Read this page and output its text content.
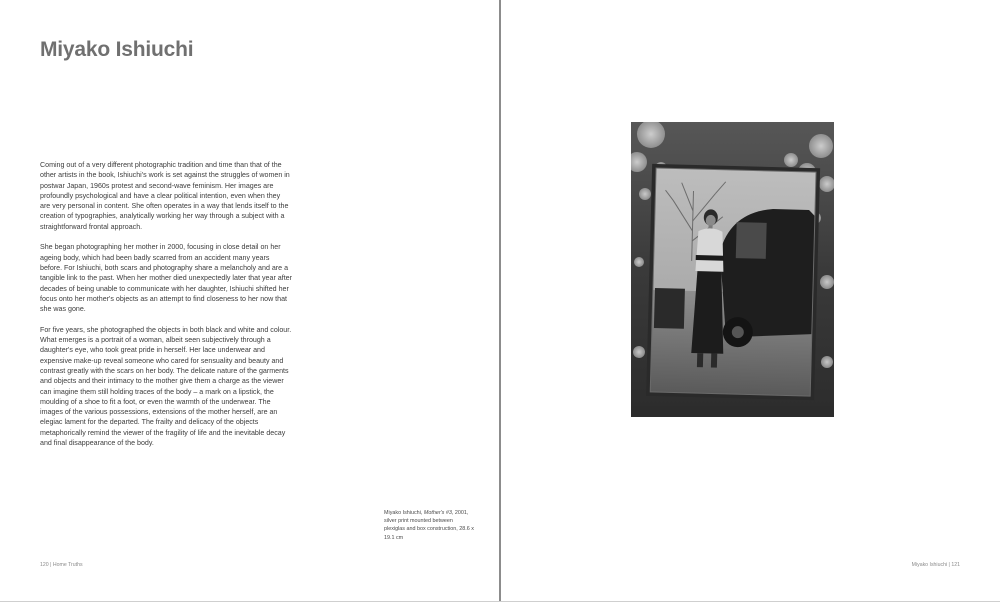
Miyako Ishiuchi

Coming out of a very different photographic tradition and time than that of the other artists in the book, Ishiuchi's work is set against the struggles of women in postwar Japan, 1960s protest and second-wave feminism. Her images are profoundly psychological and have a clear political intention, even when they are very personal in content. She often operates in a way that lends itself to the creation of typographies, analytically working her way through a subject with a straightforward frontal approach.

She began photographing her mother in 2000, focusing in close detail on her ageing body, which had been badly scarred from an accident many years before. For Ishiuchi, both scars and photography share a melancholy and are a tangible link to the past. When her mother died unexpectedly later that year after decades of being unable to communicate with her daughter, Ishiuchi shifted her focus onto her mother's objects as an attempt to find closeness to her now that she was gone.

For five years, she photographed the objects in both black and white and colour. What emerges is a portrait of a woman, albeit seen subjectively through a daughter's eye, who took great pride in herself. Her lace underwear and expensive make-up reveal someone who cared for sensuality and beauty and contrast greatly with the scars on her body. The delicate nature of the garments and objects and their intimacy to the mother give them a charge as the viewer can imagine them still holding traces of the body – a mark on a lipstick, the moulding of a shoe to fit a foot, or even the warmth of the underwear. The images of the various possessions, extensions of the mother herself, are an elegiac lament for the departed. The frailty and delicacy of the objects metaphorically remind the viewer of the fragility of life and the inevitable decay and final disappearance of the body.

Miyako Ishiuchi, Mother's #3, 2001, silver print mounted between plexiglas and box construction, 28.6 x 19.1 cm
120 | Home Truths	Miyako Ishiuchi | 121
